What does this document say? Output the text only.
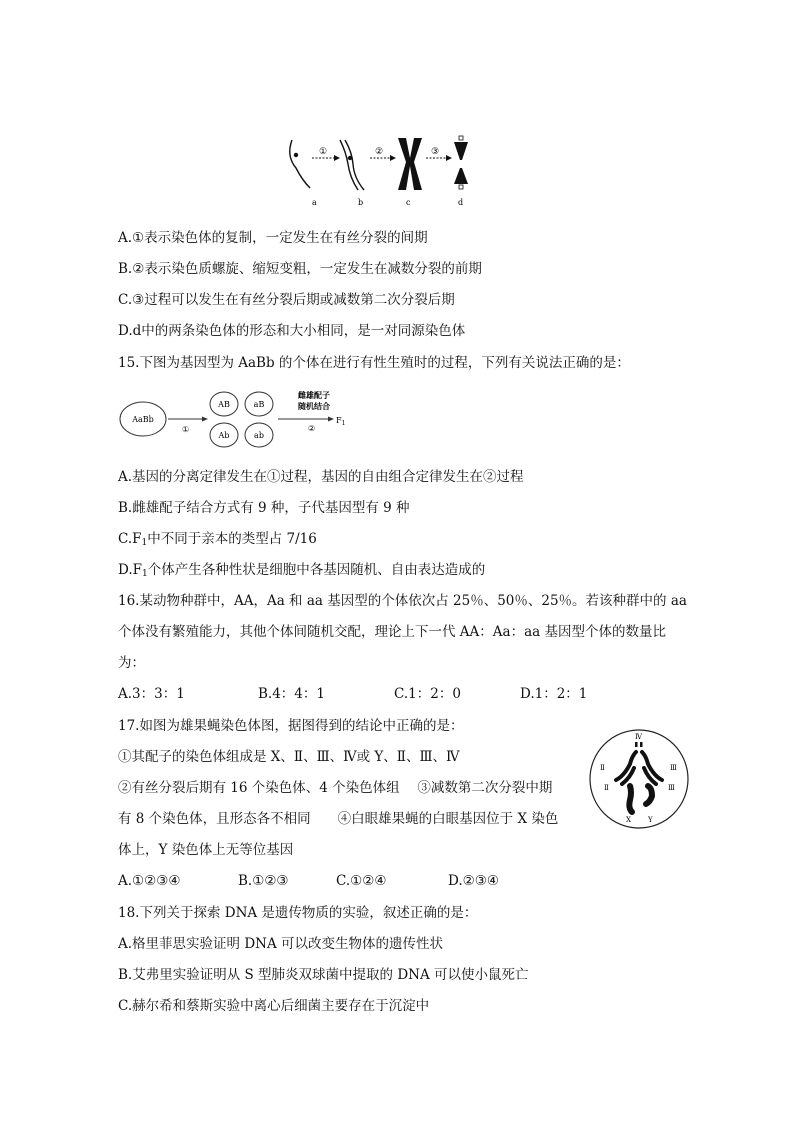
a
①
b
②
c
③
d
A.①表示染色体的复制，一定发生在有丝分裂的间期
B.②表示染色质螺旋、缩短变粗，一定发生在减数分裂的前期
C.③过程可以发生在有丝分裂后期或减数第二次分裂后期
D.d中的两条染色体的形态和大小相同，是一对同源染色体
15.下图为基因型为 AaBb 的个体在进行有性生殖时的过程，下列有关说法正确的是：
AaBb
①
AB	aB
Ab	ab
雌雄配子
随机结合
$F_1$
②
A.基因的分离定律发生在①过程，基因的自由组合定律发生在②过程
B.雌雄配子结合方式有 9 种，子代基因型有 9 种
$C.F_1$中不同于亲本的类型占 7/16
$D.F_1$个体产生各种性状是细胞中各基因随机、自由表达造成的
16.某动物种群中，AA，Aa 和 aa 基因型的个体依次占 25％、50％、25％。若该种群中的 aa
个体没有繁殖能力，其他个体间随机交配，理论上下一代 AA：Aa：aa 基因型个体的数量比
为：
A.3：3：1	B.4：4：1	C.1：2：0	D.1：2：1
17.如图为雄果蝇染色体图，据图得到的结论中正确的是：
①其配子的染色体组成是 X、Ⅱ、Ⅲ、Ⅳ或 Y、Ⅱ、Ⅲ、Ⅳ
②有丝分裂后期有 16 个染色体、4 个染色体组　 ③减数第二次分裂中期
有 8 个染色体，且形态各不相同　　④白眼雄果蝇的白眼基因位于 X 染色
体上，Y 染色体上无等位基因
A.①②③④	B.①②③	C.①②④	D.②③④
Ⅳ
Ⅱ	Ⅲ
Ⅱ	Ⅲ
X Y
18.下列关于探索 DNA 是遗传物质的实验，叙述正确的是：
A.格里菲思实验证明 DNA 可以改变生物体的遗传性状
B.艾弗里实验证明从 S 型肺炎双球菌中提取的 DNA 可以使小鼠死亡
C.赫尔希和蔡斯实验中离心后细菌主要存在于沉淀中
